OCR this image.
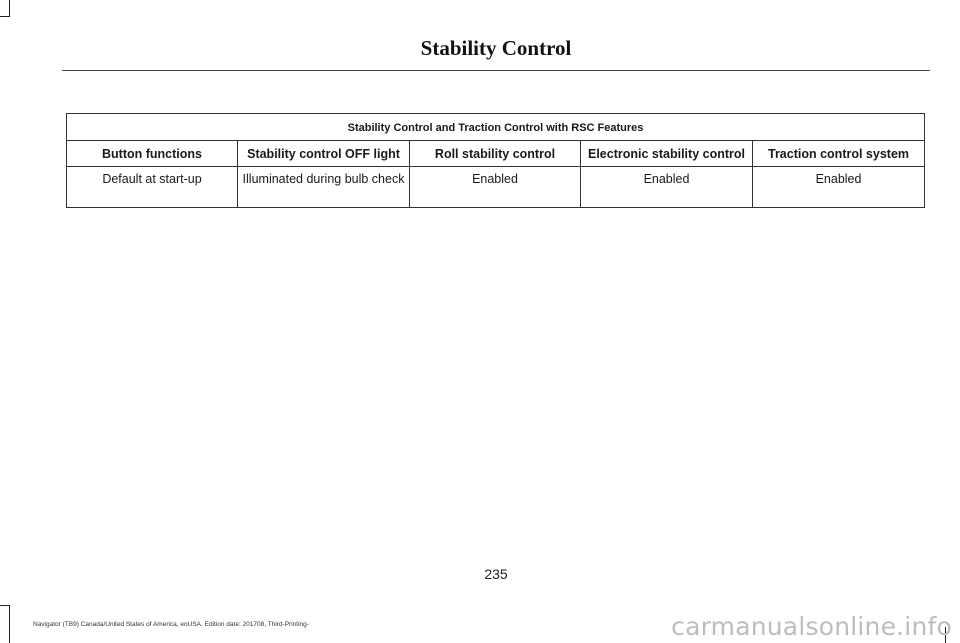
Stability Control
Stability Control and Traction Control with RSC Features				
Button functions	Stability control OFF light	Roll stability control	Electronic stability control	Traction control system
Default at start-up	Illuminated during bulb check	Enabled	Enabled	Enabled
235
Navigator (TB9) Canada/United States of America, enUSA, Edition date: 201708, Third-Printing-	carmanualsonline.info
